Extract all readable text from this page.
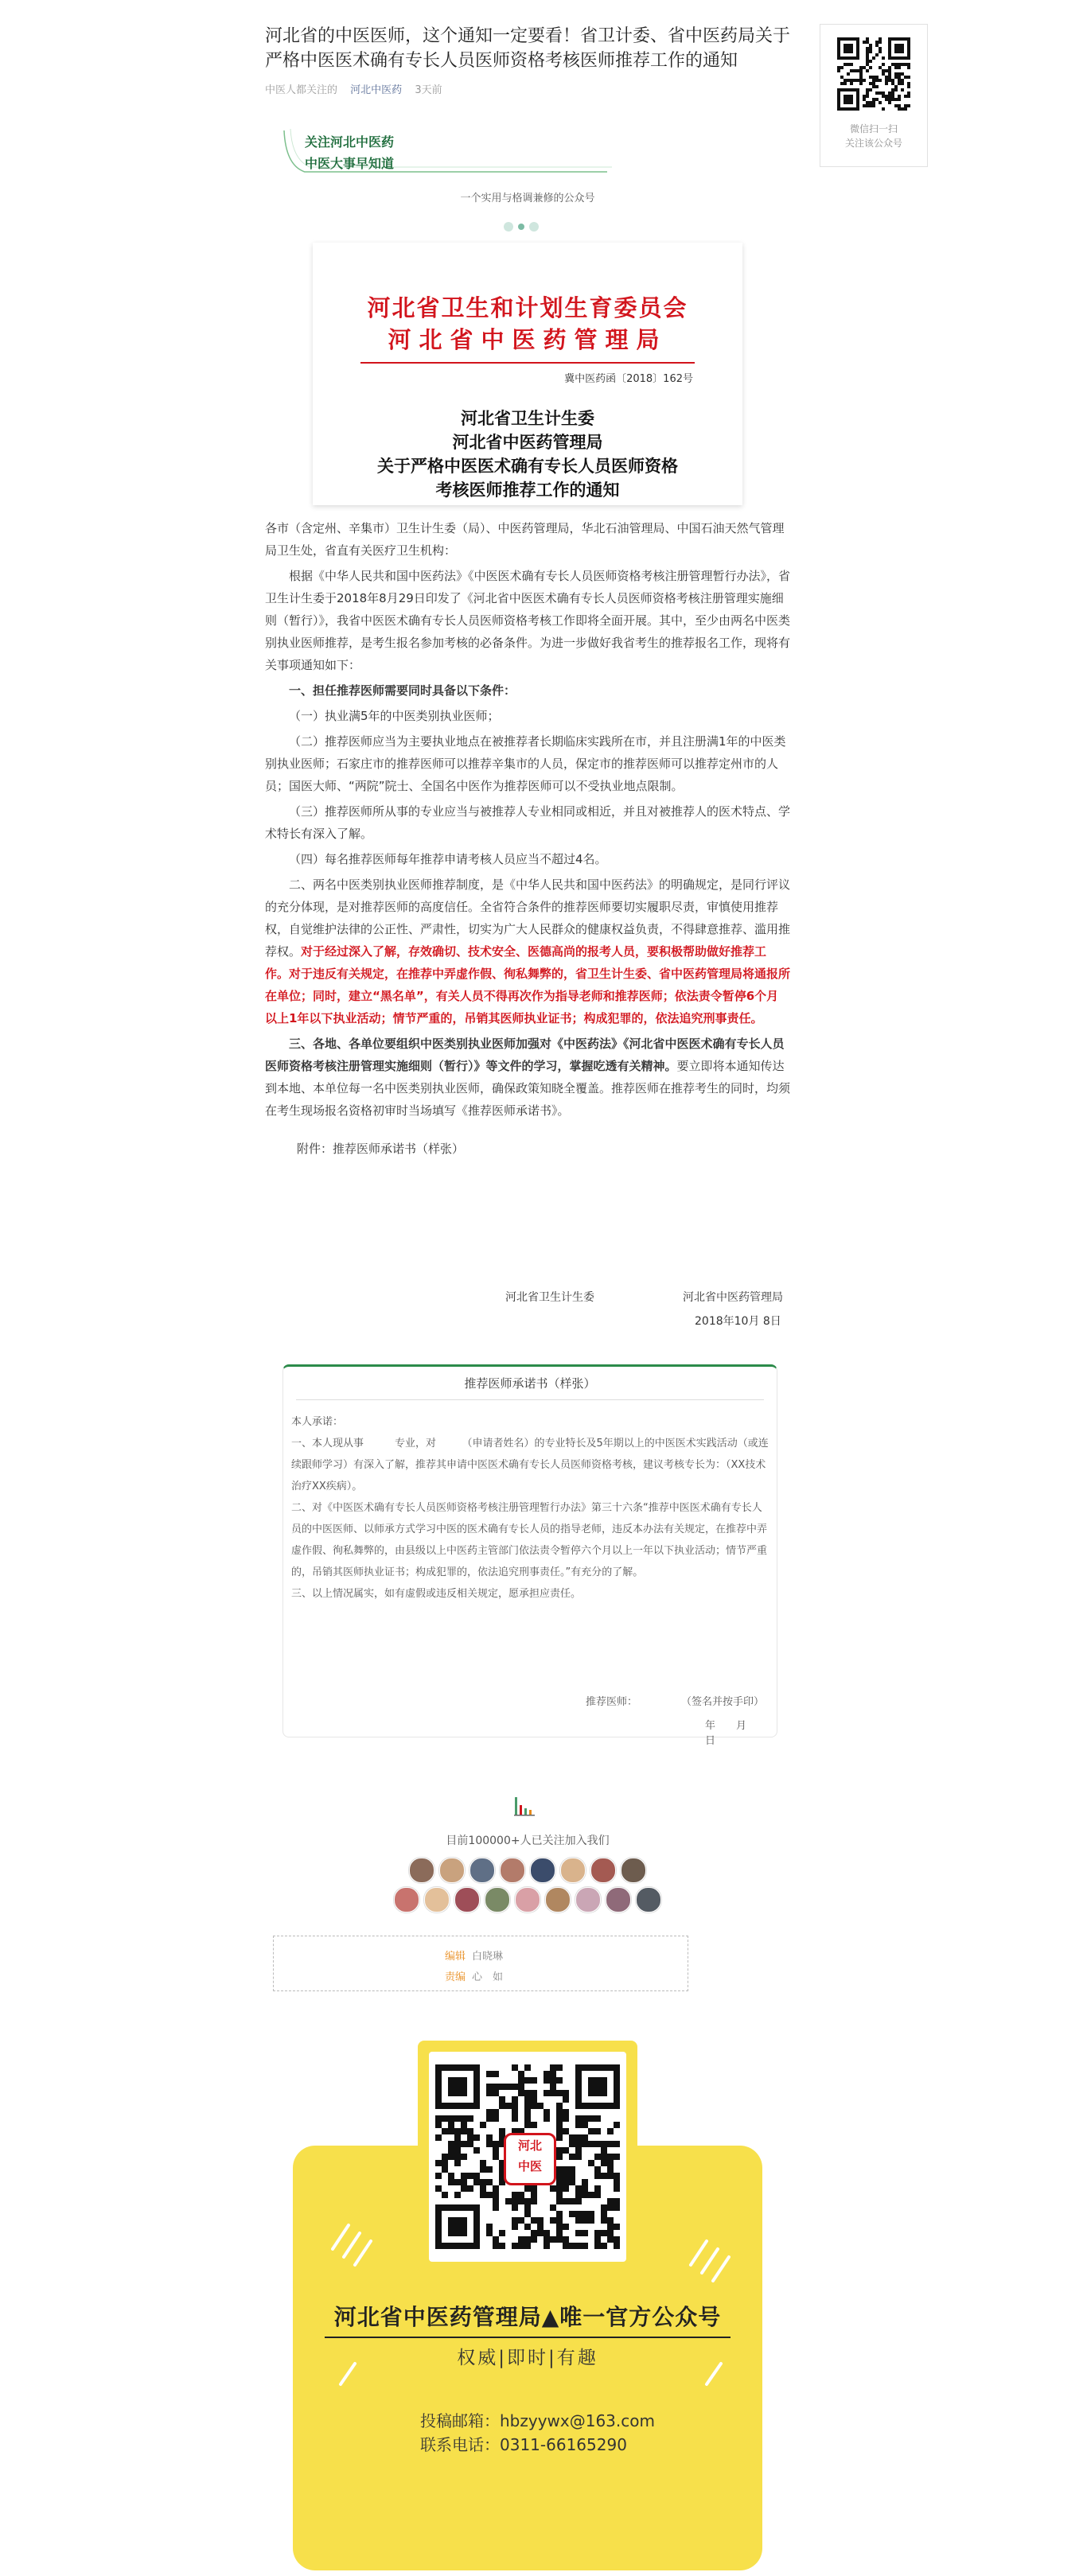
河北省的中医医师，这个通知一定要看！省卫计委、省中医药局关于严格中医医术确有专长人员医师资格考核医师推荐工作的通知
中医人都关注的 河北中医药 3天前
微信扫一扫
关注该公众号
关注河北中医药
中医大事早知道
一个实用与格调兼修的公众号
河北省卫生和计划生育委员会
河北省中医药管理局
冀中医药函〔2018〕162号
河北省卫生计生委
河北省中医药管理局
关于严格中医医术确有专长人员医师资格
考核医师推荐工作的通知

各市（含定州、辛集市）卫生计生委（局）、中医药管理局，华北石油管理局、中国石油天然气管理局卫生处，省直有关医疗卫生机构：

根据《中华人民共和国中医药法》《中医医术确有专长人员医师资格考核注册管理暂行办法》，省卫生计生委于2018年8月29日印发了《河北省中医医术确有专长人员医师资格考核注册管理实施细则（暂行）》，我省中医医术确有专长人员医师资格考核工作即将全面开展。其中，至少由两名中医类别执业医师推荐，是考生报名参加考核的必备条件。为进一步做好我省考生的推荐报名工作，现将有关事项通知如下：

一、担任推荐医师需要同时具备以下条件：

（一）执业满5年的中医类别执业医师；

（二）推荐医师应当为主要执业地点在被推荐者长期临床实践所在市，并且注册满1年的中医类别执业医师；石家庄市的推荐医师可以推荐辛集市的人员，保定市的推荐医师可以推荐定州市的人员；国医大师、“两院”院士、全国名中医作为推荐医师可以不受执业地点限制。

（三）推荐医师所从事的专业应当与被推荐人专业相同或相近，并且对被推荐人的医术特点、学术特长有深入了解。

（四）每名推荐医师每年推荐申请考核人员应当不超过4名。

二、两名中医类别执业医师推荐制度，是《中华人民共和国中医药法》的明确规定，是同行评议的充分体现，是对推荐医师的高度信任。全省符合条件的推荐医师要切实履职尽责，审慎使用推荐权，自觉维护法律的公正性、严肃性，切实为广大人民群众的健康权益负责，不得肆意推荐、滥用推荐权。对于经过深入了解，存效确切、技术安全、医德高尚的报考人员，要积极帮助做好推荐工作。对于违反有关规定，在推荐中弄虚作假、徇私舞弊的，省卫生计生委、省中医药管理局将通报所在单位；同时，建立“黑名单”，有关人员不得再次作为指导老师和推荐医师；依法责令暂停6个月以上1年以下执业活动；情节严重的，吊销其医师执业证书；构成犯罪的，依法追究刑事责任。

三、各地、各单位要组织中医类别执业医师加强对《中医药法》《河北省中医医术确有专长人员医师资格考核注册管理实施细则（暂行）》等文件的学习，掌握吃透有关精神。要立即将本通知传达到本地、本单位每一名中医类别执业医师，确保政策知晓全覆盖。推荐医师在推荐考生的同时，均须在考生现场报名资格初审时当场填写《推荐医师承诺书》。

附件：推荐医师承诺书（样张）

河北省卫生计生委	河北省中医药管理局
2018年10月 8日
推荐医师承诺书（样张）

本人承诺：

一、本人现从事　　　专业，对　　　（申请者姓名）的专业特长及5年期以上的中医医术实践活动（或连续跟师学习）有深入了解，推荐其申请中医医术确有专长人员医师资格考核，建议考核专长为：（XX技术治疗XX疾病）。

二、对《中医医术确有专长人员医师资格考核注册管理暂行办法》第三十六条“推荐中医医术确有专长人员的中医医师、以师承方式学习中医的医术确有专长人员的指导老师，违反本办法有关规定，在推荐中弄虚作假、徇私舞弊的，由县级以上中医药主管部门依法责令暂停六个月以上一年以下执业活动；情节严重的，吊销其医师执业证书；构成犯罪的，依法追究刑事责任。”有充分的了解。

三、以上情况属实，如有虚假或违反相关规定，愿承担应责任。

推荐医师：	（签名并按手印）
年　　月　　日
目前100000+人已关注加入我们
编辑 白晓琳
责编 心　如
河北
中医
河北省中医药管理局▲唯一官方公众号
权威|即时|有趣
投稿邮箱：hbzyywx@163.com
联系电话：0311-66165290
